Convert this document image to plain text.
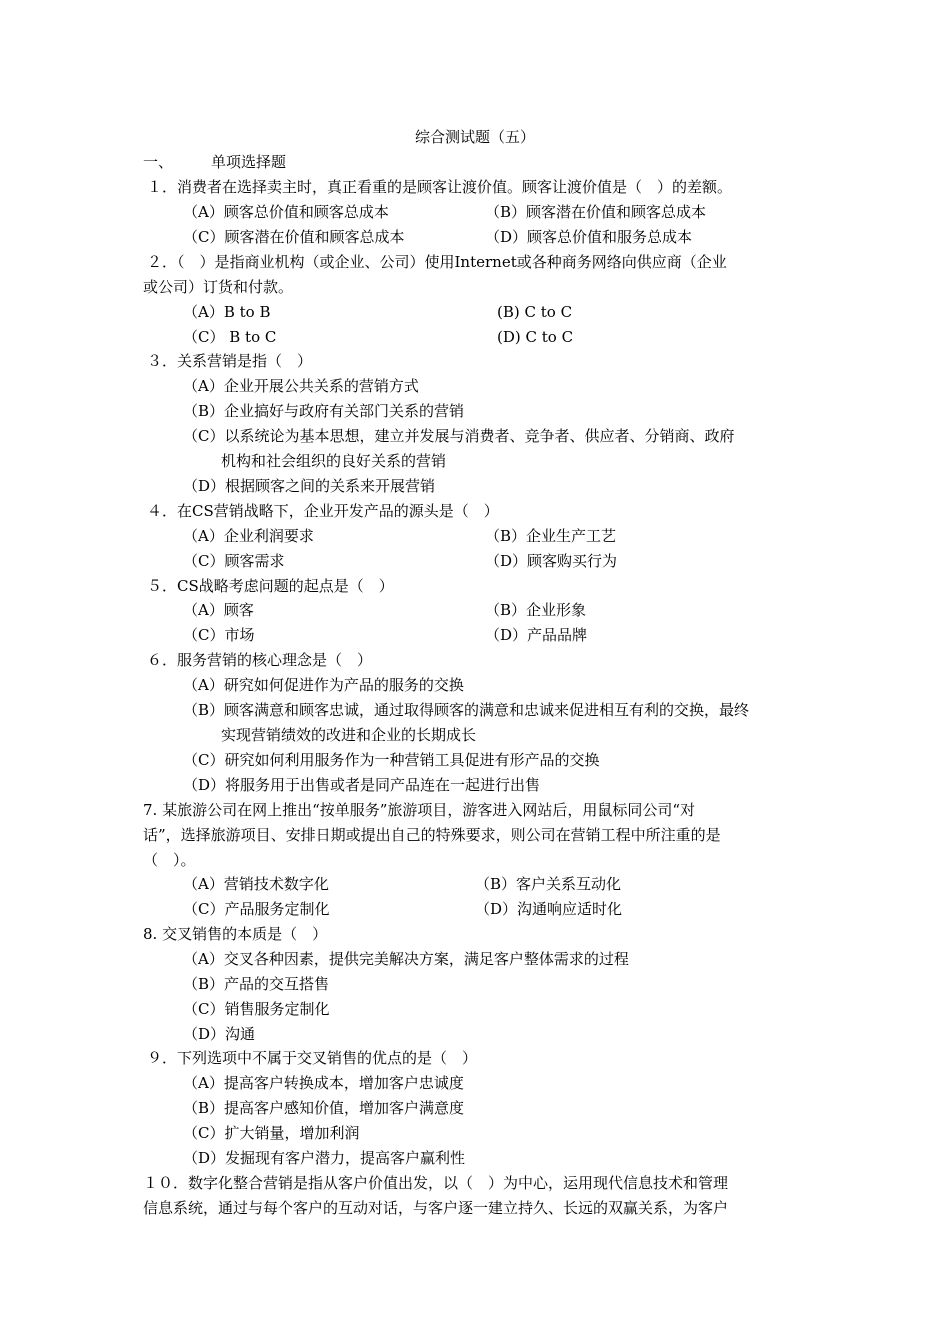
综合测试题（五）
一、	单项选择题
１．消费者在选择卖主时，真正看重的是顾客让渡价值。顾客让渡价值是（　）的差额。
（A）顾客总价值和顾客总成本	（B）顾客潜在价值和顾客总成本
（C）顾客潜在价值和顾客总成本	（D）顾客总价值和服务总成本
２．（　）是指商业机构（或企业、公司）使用Internet或各种商务网络向供应商（企业
或公司）订货和付款。
（A）B to B	(B) C to C
（C） B to C	(D) C to C
３．关系营销是指（　）
（A）企业开展公共关系的营销方式
（B）企业搞好与政府有关部门关系的营销
（C）以系统论为基本思想，建立并发展与消费者、竞争者、供应者、分销商、政府
机构和社会组织的良好关系的营销
（D）根据顾客之间的关系来开展营销
４．在CS营销战略下，企业开发产品的源头是（　）
（A）企业利润要求	（B）企业生产工艺
（C）顾客需求	（D）顾客购买行为
５．CS战略考虑问题的起点是（　）
（A）顾客	（B）企业形象
（C）市场	（D）产品品牌
６．服务营销的核心理念是（　）
（A）研究如何促进作为产品的服务的交换
（B）顾客满意和顾客忠诚，通过取得顾客的满意和忠诚来促进相互有利的交换，最终
实现营销绩效的改进和企业的长期成长
（C）研究如何利用服务作为一种营销工具促进有形产品的交换
（D）将服务用于出售或者是同产品连在一起进行出售
7. 某旅游公司在网上推出“按单服务”旅游项目，游客进入网站后，用鼠标同公司“对
话”，选择旅游项目、安排日期或提出自己的特殊要求，则公司在营销工程中所注重的是
（　）。
（A）营销技术数字化	（B）客户关系互动化
（C）产品服务定制化	（D）沟通响应适时化
8. 交叉销售的本质是（　）
（A）交叉各种因素，提供完美解决方案，满足客户整体需求的过程
（B）产品的交互搭售
（C）销售服务定制化
（D）沟通
９．下列选项中不属于交叉销售的优点的是（　）
（A）提高客户转换成本，增加客户忠诚度
（B）提高客户感知价值，增加客户满意度
（C）扩大销量，增加利润
（D）发掘现有客户潜力，提高客户赢利性
１０．数字化整合营销是指从客户价值出发，以（　）为中心，运用现代信息技术和管理
信息系统，通过与每个客户的互动对话，与客户逐一建立持久、长远的双赢关系，为客户
